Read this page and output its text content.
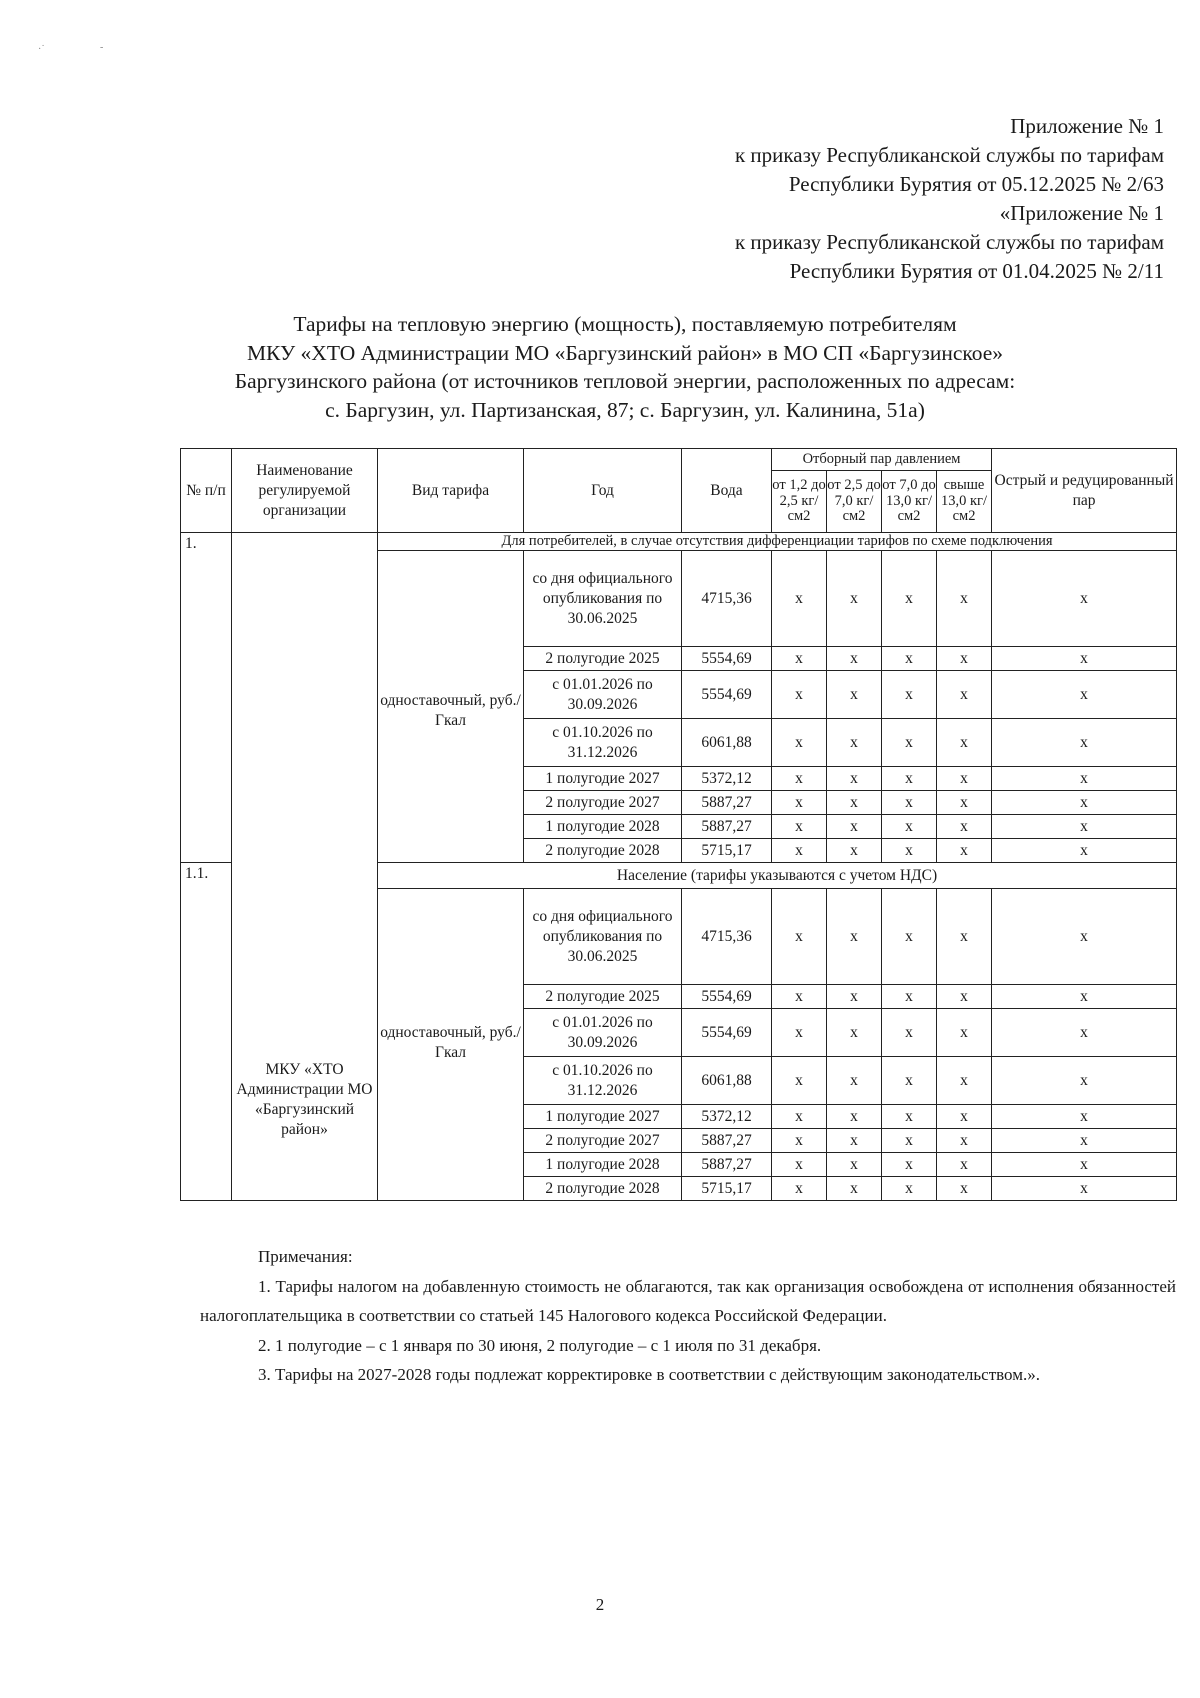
·˙	-
Приложение № 1
к приказу Республиканской службы по тарифам
Республики Бурятия от 05.12.2025 № 2/63
«Приложение № 1
к приказу Республиканской службы по тарифам
Республики Бурятия от 01.04.2025 № 2/11
Тарифы на тепловую энергию (мощность), поставляемую потребителям
МКУ «ХТО Администрации МО «Баргузинский район» в МО СП «Баргузинское»
Баргузинского района (от источников тепловой энергии, расположенных по адресам:
с. Баргузин, ул. Партизанская, 87; с. Баргузин, ул. Калинина, 51а)
№ п/п	Наименование регулируемой организации	Вид тарифа	Год	Вода	Отборный пар давлением				Острый и редуцированный пар
					от 1,2 до 2,5 кг/см2	от 2,5 до 7,0 кг/см2	от 7,0 до 13,0 кг/см2	свыше 13,0 кг/см2	
1.	МКУ «ХТО Администрации МО «Баргузинский район»	Для потребителей, в случае отсутствия дифференциации тарифов по схеме подключения							
		одноставочный, руб./Гкал	со дня официального опубликования по 30.06.2025	4715,36	х	х	х	х	х
			2 полугодие 2025	5554,69	х	х	х	х	х
			с 01.01.2026 по 30.09.2026	5554,69	х	х	х	х	х
			с 01.10.2026 по 31.12.2026	6061,88	х	х	х	х	х
			1 полугодие 2027	5372,12	х	х	х	х	х
			2 полугодие 2027	5887,27	х	х	х	х	х
			1 полугодие 2028	5887,27	х	х	х	х	х
			2 полугодие 2028	5715,17	х	х	х	х	х
1.1.		Население (тарифы указываются с учетом НДС)							
		одноставочный, руб./Гкал	со дня официального опубликования по 30.06.2025	4715,36	х	х	х	х	х
			2 полугодие 2025	5554,69	х	х	х	х	х
			с 01.01.2026 по 30.09.2026	5554,69	х	х	х	х	х
			с 01.10.2026 по 31.12.2026	6061,88	х	х	х	х	х
			1 полугодие 2027	5372,12	х	х	х	х	х
			2 полугодие 2027	5887,27	х	х	х	х	х
			1 полугодие 2028	5887,27	х	х	х	х	х
			2 полугодие 2028	5715,17	х	х	х	х	х

Примечания:

1. Тарифы налогом на добавленную стоимость не облагаются, так как организация освобождена от исполнения обязанностей налогоплательщика в соответствии со статьей 145 Налогового кодекса Российской Федерации.

2. 1 полугодие – с 1 января по 30 июня, 2 полугодие – с 1 июля по 31 декабря.

3. Тарифы на 2027-2028 годы подлежат корректировке в соответствии с действующим законодательством.».

2
